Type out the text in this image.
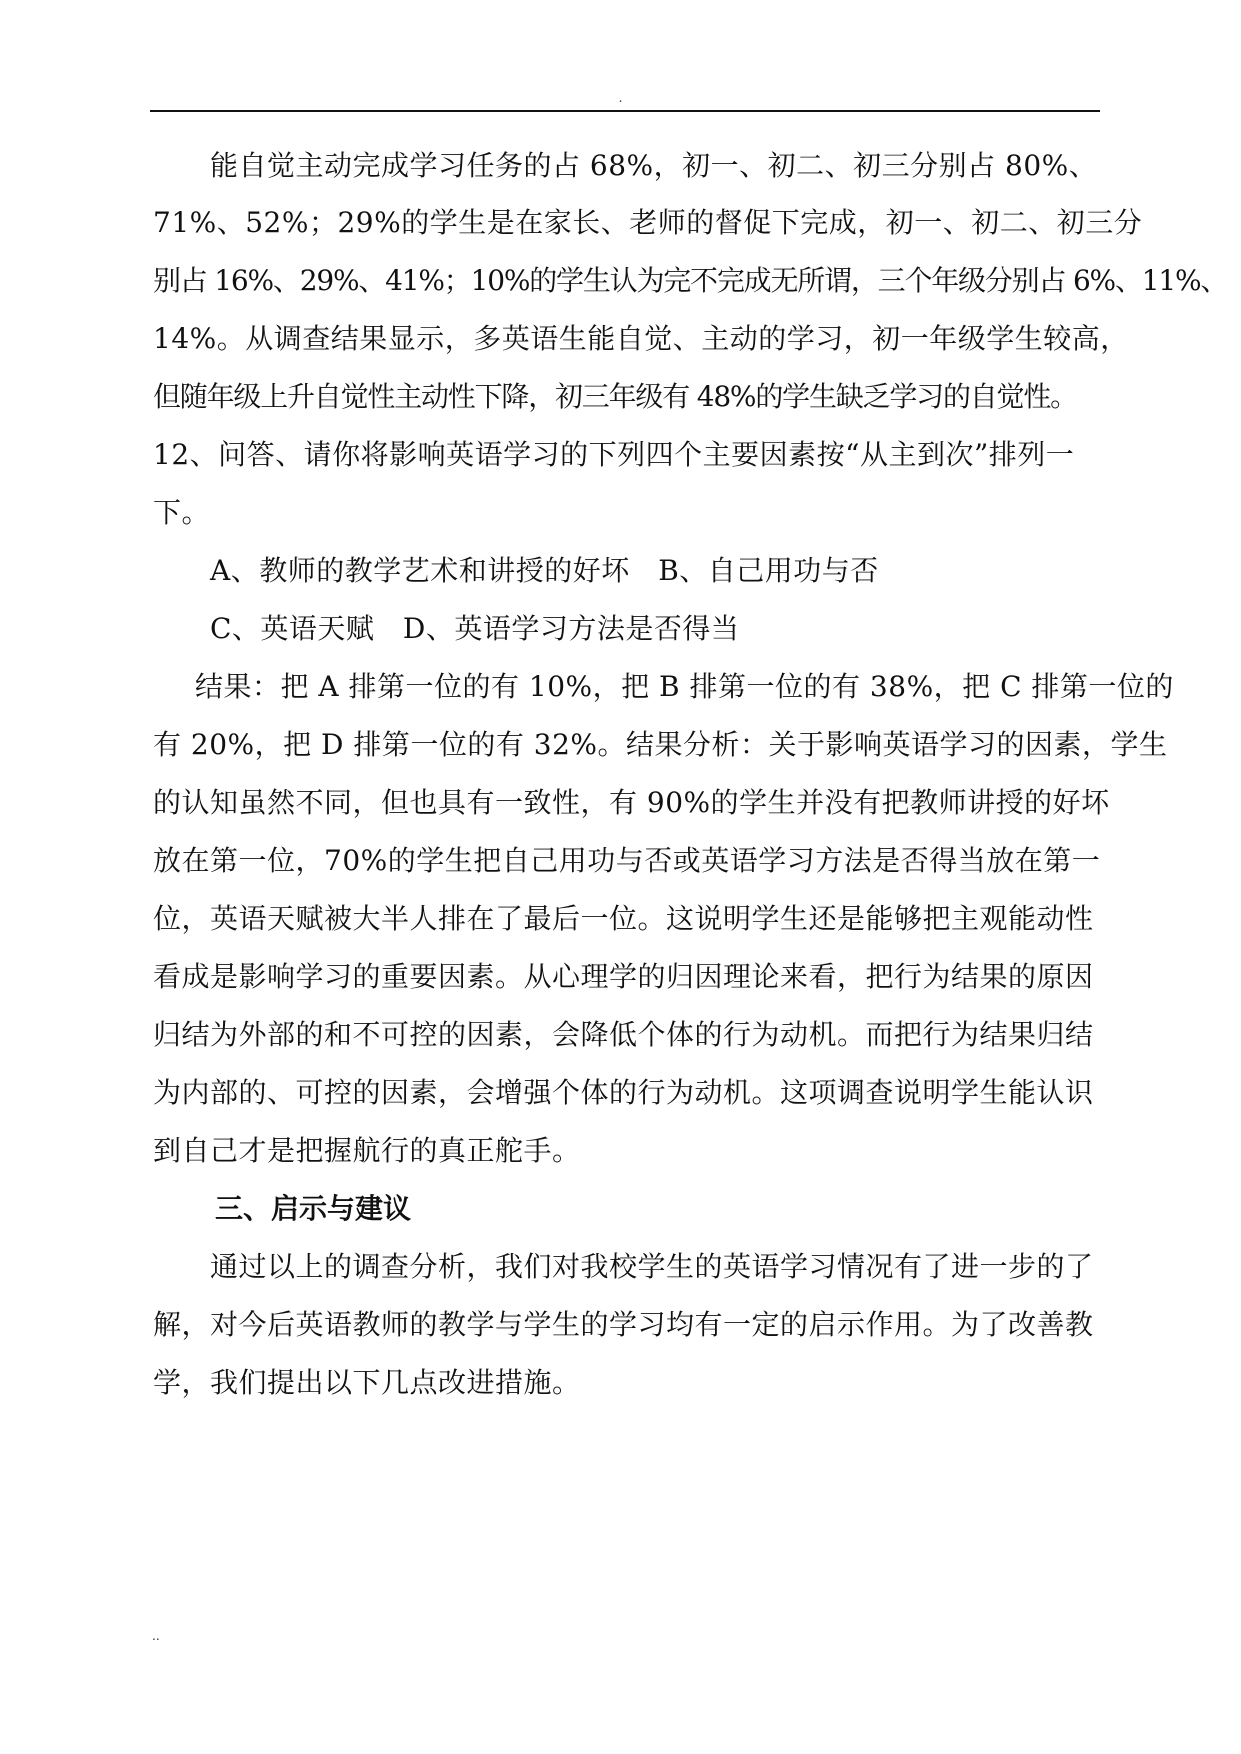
.
能自觉主动完成学习任务的占 68%，初一、初二、初三分别占 80%、
71%、52%；29%的学生是在家长、老师的督促下完成，初一、初二、初三分
别占 16%、29%、41%；10%的学生认为完不完成无所谓，三个年级分别占 6%、11%、
14%。从调查结果显示，多英语生能自觉、主动的学习，初一年级学生较高，
但随年级上升自觉性主动性下降，初三年级有 48%的学生缺乏学习的自觉性。
12、问答、请你将影响英语学习的下列四个主要因素按“从主到次”排列一
下。
A、教师的教学艺术和讲授的好坏　B、自己用功与否
C、英语天赋　D、英语学习方法是否得当
结果：把 A 排第一位的有 10%，把 B 排第一位的有 38%，把 C 排第一位的
有 20%，把 D 排第一位的有 32%。结果分析：关于影响英语学习的因素，学生
的认知虽然不同，但也具有一致性，有 90%的学生并没有把教师讲授的好坏
放在第一位，70%的学生把自己用功与否或英语学习方法是否得当放在第一
位，英语天赋被大半人排在了最后一位。这说明学生还是能够把主观能动性
看成是影响学习的重要因素。从心理学的归因理论来看，把行为结果的原因
归结为外部的和不可控的因素，会降低个体的行为动机。而把行为结果归结
为内部的、可控的因素，会增强个体的行为动机。这项调查说明学生能认识
到自己才是把握航行的真正舵手。
三、启示与建议
通过以上的调查分析，我们对我校学生的英语学习情况有了进一步的了
解，对今后英语教师的教学与学生的学习均有一定的启示作用。为了改善教
学，我们提出以下几点改进措施。
..
